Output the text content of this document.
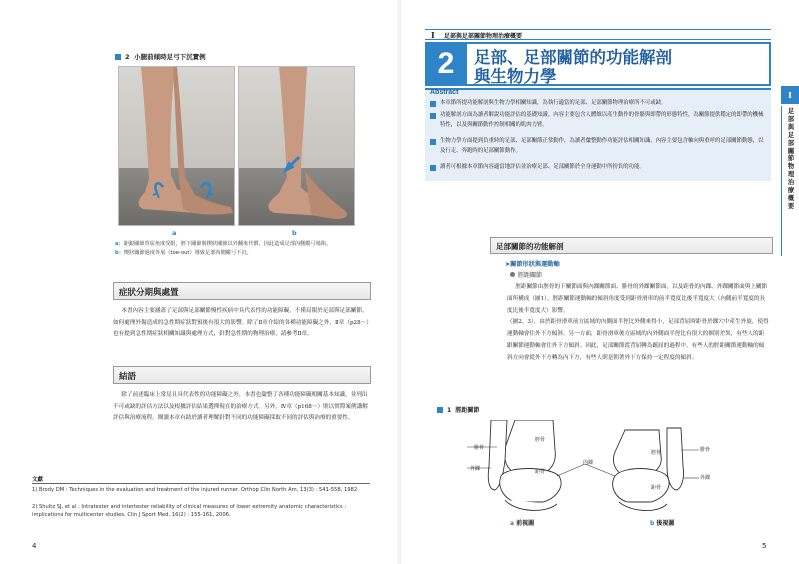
2 小腿前傾時足弓下沉實例
a	b
a：距跟關節背屈角度受限，脛下關節與楔狀關節以外翻來代償，因此造成足部內側縱弓場陷。
b：楔狀關節過度外展（toe-out）導致足部內側縱弓下沉。
症狀分期與處置

本書內容主要涵蓋了足部與足部關節慢性疾病中具代表性的功能障礙，不僅局限於足部與足部關節。如何處理外傷造成的急性期症狀對預後有很大的影響。除了Ⅱ章介紹的各種功能障礙之外，Ⅱ章（p28～）也有提到急性期症狀相關知識與處理方式，針對急性期的物理治療，請參考Ⅱ章。

結語

除了前述臨床上常見且具代表性的功能障礙之外，本書也彙整了各種功能障礙相關基本知識，並列出不可或缺的評估方法以及根據評估結果選擇現在的治療方式。另外，Ⅳ章（p168～）則以實際案例講解評估與治療流程，閱讀本章有助於讀者理解針對不同的功能障礙採取不同的評估與治療的重要性。

文獻
1) Brody DM : Techniques in the evaluation and treatment of the injured runner. Orthop Clin North Am, 13(3) : 541-558, 1982.
2) Shultz SJ, et al : Intratester and intertester reliability of clinical measures of lower extremity anatomic characteristics : implications for multicenter studies. Clin J Sport Med, 16(2) : 155-161, 2006.
4
I 足部與足部關節物理治療概要
2	足部、足部關節的功能解剖
與生物力學
Abstract
本章節所提功能解剖與生物力學相關知識，為執行適當的足部、足部關節物理治療所不可或缺。
功能解剖方面為讀者解說功能評估的基礎知識。內容主要包含人體維以產生動作的骨骼與即帶的形態特性，為關節提供穩定的即帶的機械特性，以及與關節動作控制相關的肌肉力臂。
生物力學方面提到負重時的足部、足部關節正常動作，為讀者彙整動作功能評估相關知識。內容主要包含軸向與重呼的足部關節動態，以及行走、奔跑時的足部關節動作。
讀者可根據本章節內容適當地評估並治療足部、足部關節於全身運動中所扮負的功能。
I
足部與足部關節物理治療概要
足部關節的功能解剖
➤關節形狀與運動軸
脛距關節

脛距關節由脛骨的下關節面與內踝關節面、腓骨的外踝關節面，以及距骨的內踝、外踝關節面與上關節面所構成（圖1）。脛距關節運動軸的傾斜角度受到距骨滑車的前半寬度比後半寬度大（內側前半寬度的長度比後半寬度大）影響。

（圖2、3），由於距骨滑車前方區域的內側面半徑比外側來得小，足部背屈時距骨於踝穴中產生外旋，使得運動軸會往外下方傾斜。另一方面，距骨滑車後方區域的內外側面半徑比有很大的個別差異，有些人的距跟關節運動軸會往外下方傾斜。因此，足部關節從背屈轉為蹠屈的過程中，有些人的脛距關節運動軸的傾斜方向會從外下方轉為內下方，有些人則是朝著外下方保持一定程度的傾斜。

1 脛距關節
脛骨
距骨
腓骨
外踝
內踝
脛骨
距骨
腓骨
外踝
a 前視圖	b 後視圖
5
